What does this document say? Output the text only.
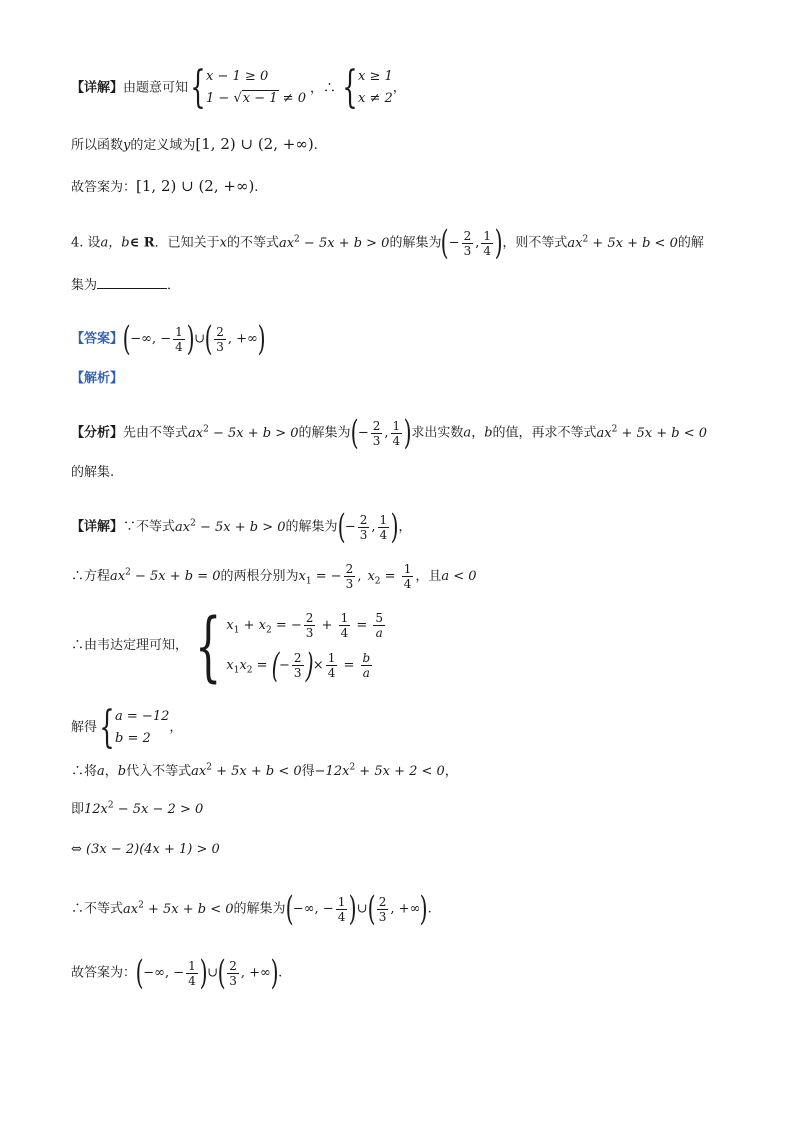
【详解】由题意可知{ x − 1 ≥ 0
1 − √x − 1 ≠ 0
，∴ { x ≥ 1
x ≠ 2
，
所以函数y的定义域为[1, 2) ∪ (2, +∞).
故答案为：[1, 2) ∪ (2, +∞).
4. 设a，b∈ R．已知关于x的不等式$ax^2 - 5x + b > 0$的解集为(− $\frac{2}{3}$ , $\frac{1}{4}$ )，则不等式$ax^2 + 5x + b < 0$的解
集为	．
【答案】(−∞, − $\frac{1}{4}$ )∪( $\frac{2}{3}$ , +∞)
【解析】
【分析】先由不等式$ax^2 - 5x + b > 0$的解集为(− $\frac{2}{3}$ , $\frac{1}{4}$ )求出实数a，b的值，再求不等式$ax^2 + 5x + b < 0$
的解集.
【详解】∵不等式$ax^2 - 5x + b > 0$的解集为(− $\frac{2}{3}$ , $\frac{1}{4}$ )，
∴方程$ax^2 - 5x + b = 0$的两根分别为$x_1$ = − $\frac{2}{3}$ , $x_2 = \frac{1}{4}$ ，且a < 0
∴由韦达定理可知，{ $x_1 + x_2$ = − $\frac{2}{3} + \frac{1}{4} = \frac{5}{a}$
$x_1x_2$ = (− $\frac{2}{3}$ )× $\frac{1}{4} = \frac{b}{a}$
解得{ a = −12
b = 2
，
∴将a，b代入不等式$ax^2 + 5x + b < 0$得$-12x^2 + 5x + 2 < 0$，
即$12x^2 - 5x - 2 > 0$
⇔ (3x − 2)(4x + 1) > 0
∴不等式$ax^2 + 5x + b < 0$的解集为(−∞, − $\frac{1}{4}$ )∪( $\frac{2}{3}$ , +∞).
故答案为：(−∞, − $\frac{1}{4}$ )∪( $\frac{2}{3}$ , +∞).
